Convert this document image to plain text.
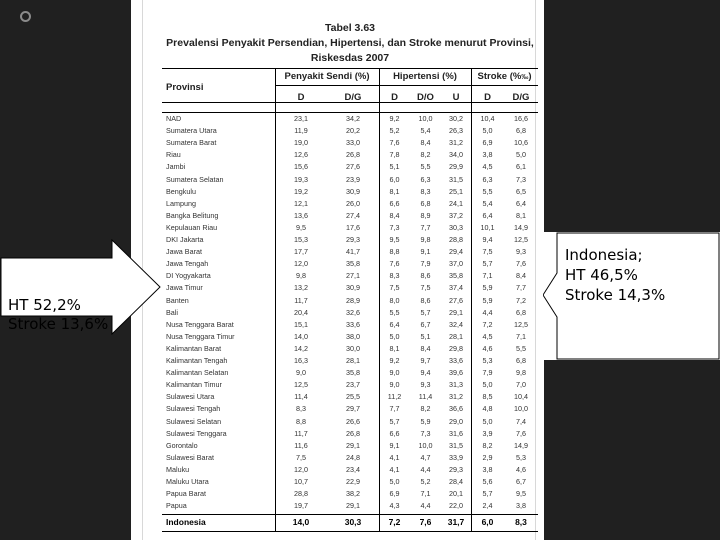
Tabel 3.63
Prevalensi Penyakit Persendian, Hipertensi, dan Stroke menurut Provinsi,
Riskesdas 2007
Provinsi
Penyakit Sendi (%)	Hipertensi (%)	Stroke (%‰)
D	D/G	D	D/O	U	D	D/G
Indonesia	14,0	30,3	7,2	7,6	31,7	6,0	8,3
NAD	23,1	34,2	9,2	10,0	30,2	10,4	16,6
Sumatera Utara	11,9	20,2	5,2	5,4	26,3	5,0	6,8
Sumatera Barat	19,0	33,0	7,6	8,4	31,2	6,9	10,6
Riau	12,6	26,8	7,8	8,2	34,0	3,8	5,0
Jambi	15,6	27,6	5,1	5,5	29,9	4,5	6,1
Sumatera Selatan	19,3	23,9	6,0	6,3	31,5	6,3	7,3
Bengkulu	19,2	30,9	8,1	8,3	25,1	5,5	6,5
Lampung	12,1	26,0	6,6	6,8	24,1	5,4	6,4
Bangka Belitung	13,6	27,4	8,4	8,9	37,2	6,4	8,1
Kepulauan Riau	9,5	17,6	7,3	7,7	30,3	10,1	14,9
DKI Jakarta	15,3	29,3	9,5	9,8	28,8	9,4	12,5
Jawa Barat	17,7	41,7	8,8	9,1	29,4	7,5	9,3
Jawa Tengah	12,0	35,8	7,6	7,9	37,0	5,7	7,6
DI Yogyakarta	9,8	27,1	8,3	8,6	35,8	7,1	8,4
Jawa Timur	13,2	30,9	7,5	7,5	37,4	5,9	7,7
Banten	11,7	28,9	8,0	8,6	27,6	5,9	7,2
Bali	20,4	32,6	5,5	5,7	29,1	4,4	6,8
Nusa Tenggara Barat	15,1	33,6	6,4	6,7	32,4	7,2	12,5
Nusa Tenggara Timur	14,0	38,0	5,0	5,1	28,1	4,5	7,1
Kalimantan Barat	14,2	30,0	8,1	8,4	29,8	4,6	5,5
Kalimantan Tengah	16,3	28,1	9,2	9,7	33,6	5,3	6,8
Kalimantan Selatan	9,0	35,8	9,0	9,4	39,6	7,9	9,8
Kalimantan Timur	12,5	23,7	9,0	9,3	31,3	5,0	7,0
Sulawesi Utara	11,4	25,5	11,2	11,4	31,2	8,5	10,4
Sulawesi Tengah	8,3	29,7	7,7	8,2	36,6	4,8	10,0
Sulawesi Selatan	8,8	26,6	5,7	5,9	29,0	5,0	7,4
Sulawesi Tenggara	11,7	26,8	6,6	7,3	31,6	3,9	7,6
Gorontalo	11,6	29,1	9,1	10,0	31,5	8,2	14,9
Sulawesi Barat	7,5	24,8	4,1	4,7	33,9	2,9	5,3
Maluku	12,0	23,4	4,1	4,4	29,3	3,8	4,6
Maluku Utara	10,7	22,9	5,0	5,2	28,4	5,6	6,7
Papua Barat	28,8	38,2	6,9	7,1	20,1	5,7	9,5
Papua	19,7	29,1	4,3	4,4	22,0	2,4	3,8
HT 52,2%
Stroke 13,6%
Indonesia;
HT 46,5%
Stroke 14,3%
